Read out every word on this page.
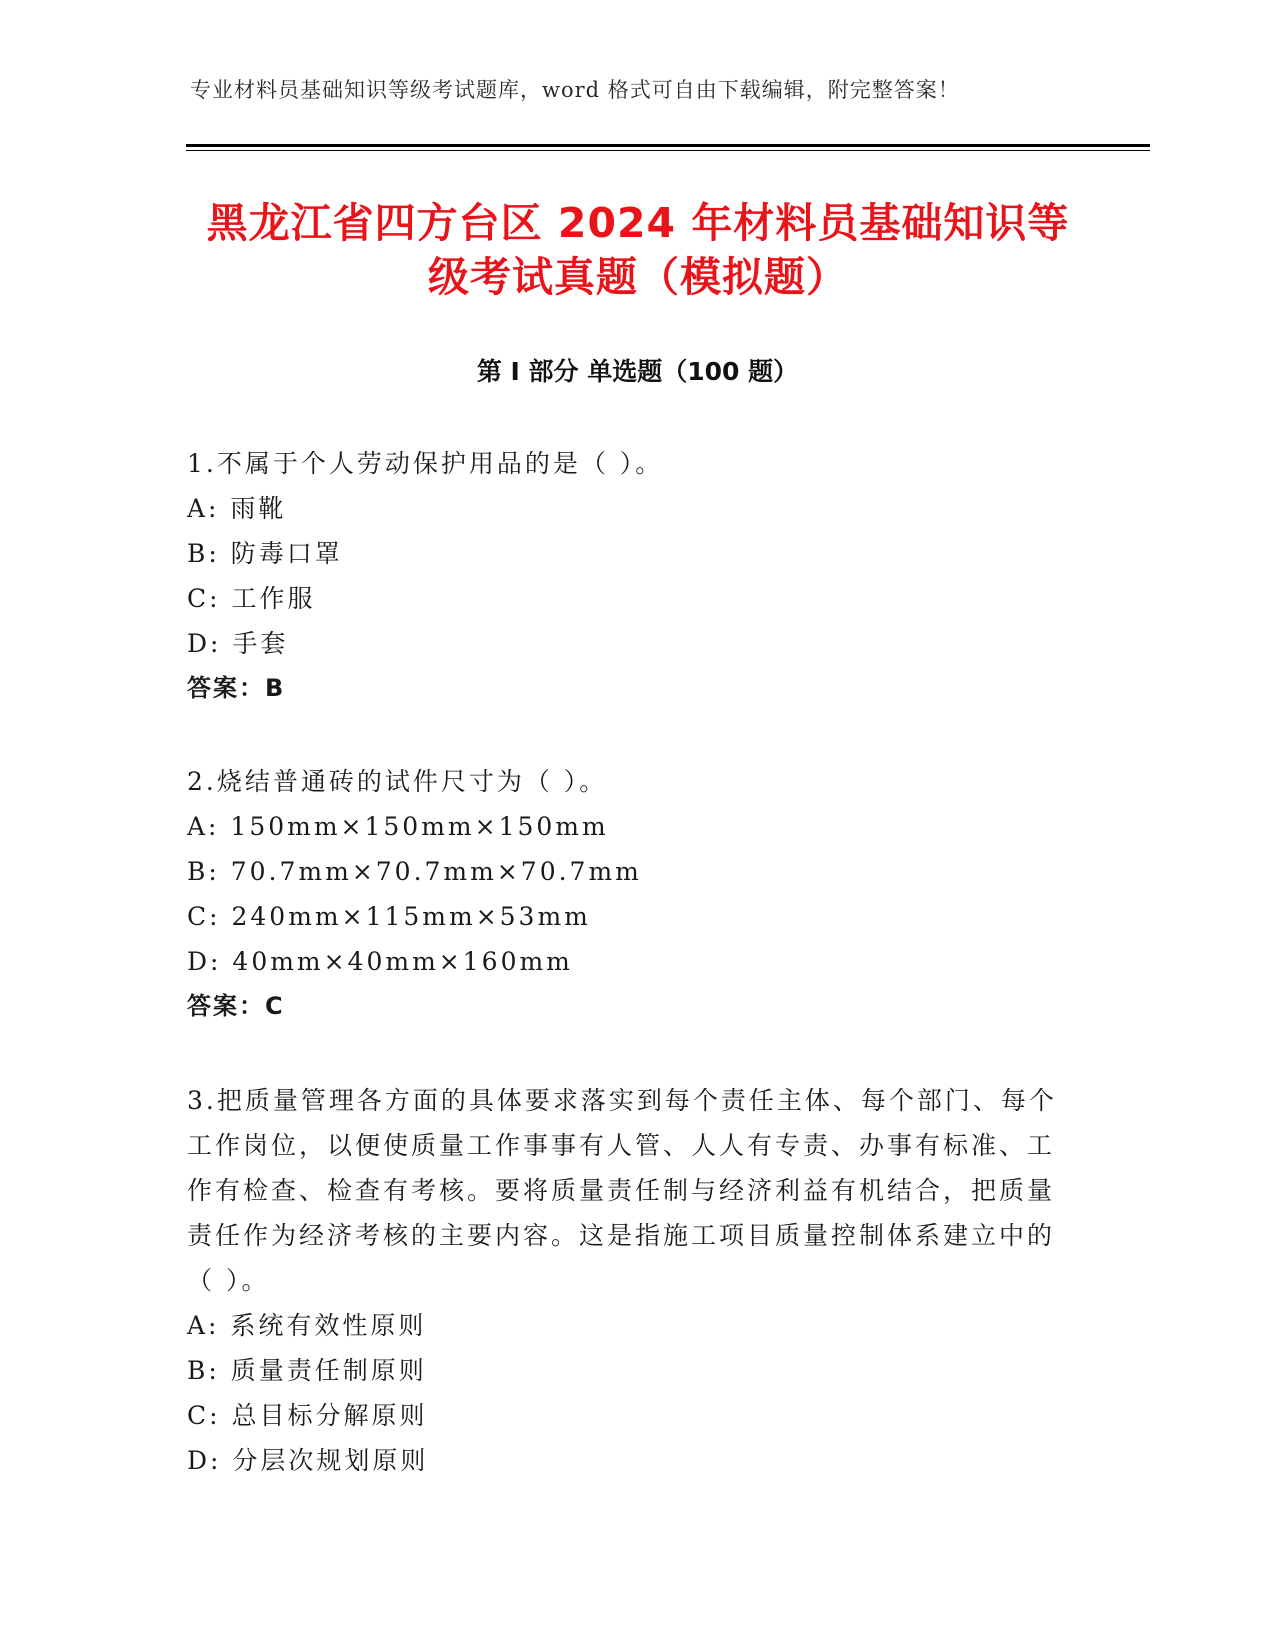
专业材料员基础知识等级考试题库，word 格式可自由下载编辑，附完整答案！
黑龙江省四方台区 2024 年材料员基础知识等
级考试真题（模拟题）
第 I 部分 单选题（100 题）

1.不属于个人劳动保护用品的是（ ）。

A: 雨靴

B: 防毒口罩

C: 工作服

D: 手套

答案：B

2.烧结普通砖的试件尺寸为（ ）。

A: 150mm×150mm×150mm

B: 70.7mm×70.7mm×70.7mm

C: 240mm×115mm×53mm

D: 40mm×40mm×160mm

答案：C

3.把质量管理各方面的具体要求落实到每个责任主体、每个部门、每个工作岗位，以便使质量工作事事有人管、人人有专责、办事有标准、工作有检查、检查有考核。要将质量责任制与经济利益有机结合，把质量责任作为经济考核的主要内容。这是指施工项目质量控制体系建立中的（ ）。

A: 系统有效性原则

B: 质量责任制原则

C: 总目标分解原则

D: 分层次规划原则
